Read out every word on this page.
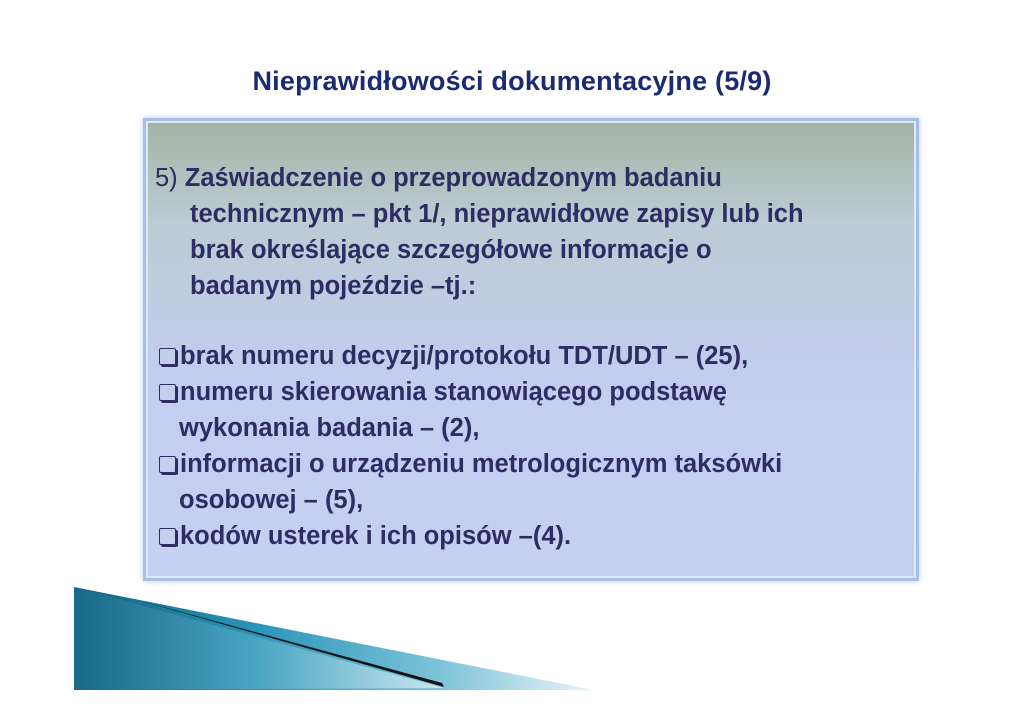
Nieprawidłowości dokumentacyjne (5/9)
5) Zaświadczenie o przeprowadzonym badaniu
technicznym – pkt 1/, nieprawidłowe zapisy lub ich
brak określające szczegółowe informacje o
badanym pojeździe –tj.:
brak numeru decyzji/protokołu TDT/UDT – (25),
numeru skierowania stanowiącego podstawę
wykonania badania – (2),
informacji o urządzeniu metrologicznym taksówki
osobowej – (5),
kodów usterek i ich opisów –(4).
